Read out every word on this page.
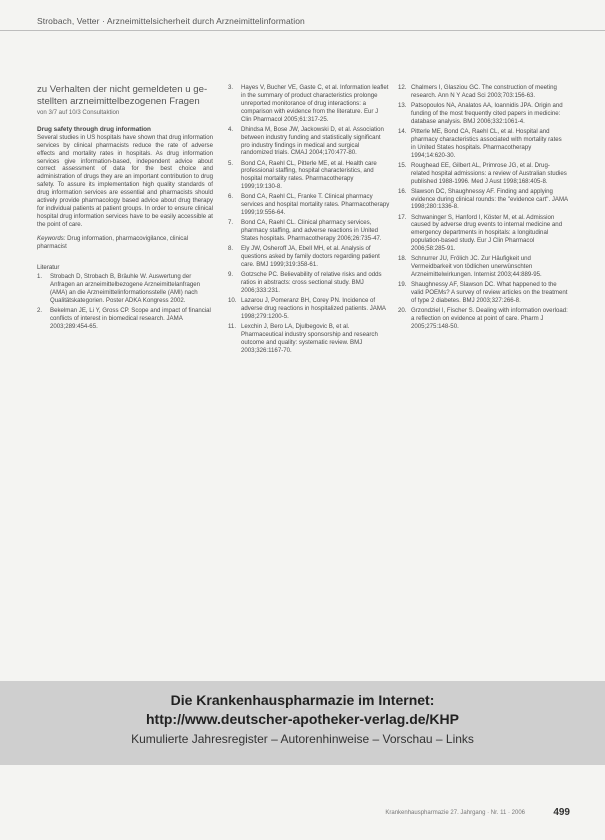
Strobach, Vetter · Arzneimittelsicherheit durch Arzneimittelinformation
zu Verhalten der nicht gemeldeten u ge-stellten arzneimittelbezogenen Fragen
von 3/7 auf 10/3 Consultaktion
Drug safety through drug information
Several studies in US hospitals have shown that drug information services by clinical pharmacists reduce the rate of adverse effects and mortality rates in hospitals. As drug information services give information-based, independent advice about correct assessment of data for the best choice and administration of drugs they are an important contribution to drug safety. To assure its implementation high quality standards of drug information services are essential and pharmacists should actively provide pharmacology based advice about drug therapy for individual patients at patient groups. In order to ensure clinical hospital drug information services have to be easily accessible at the point of care.
Keywords: Drug information, pharmacovigilance, clinical pharmacist
Literatur
1. Strobach D, Strobach B, Bräuhle W. Auswertung der Anfragen an arzneimittelbezogene Arzneimittelanfragen (AMA) an die Arzneimittelinformationsstelle (AMI) nach Qualitätskategorien. Poster ADKA Kongress 2002.
2. Bekelman JE, Li Y, Gross CP. Scope and impact of financial conflicts of interest in biomedical research. JAMA 2003;289:454-65.
3. Hayes V, Bucher VE, Gaste C, et al. Information leaflet in the summary of product characteristics prolonge unreported monitorance of drug interactions: a comparison with evidence from the literature. Eur J Clin Pharmacol 2005;61:317-25.
4. Dhindsa M, Bose JW, Jackowski D, et al. Association between industry funding and statistically significant pro industry findings in medical and surgical randomized trials. CMAJ 2004;170:477-80.
5. Bond CA, Raehl CL, Pitterle ME, et al. Health care professional staffing, hospital characteristics, and hospital mortality rates. Pharmacotherapy 1999;19:130-8.
6. Bond CA, Raehl CL, Franke T. Clinical pharmacy services and hospital mortality rates. Pharmacotherapy 1999;19:556-64.
7. Bond CA, Raehl CL. Clinical pharmacy services, pharmacy staffing, and adverse reactions in United States hospitals. Pharmacotherapy 2006;26:735-47.
8. Ely JW, Osheroff JA, Ebell MH, et al. Analysis of questions asked by family doctors regarding patient care. BMJ 1999;319:358-61.
9. Gotzsche PC. Believability of relative risks and odds ratios in abstracts: cross sectional study. BMJ 2006;333:231.
10. Lazarou J, Pomeranz BH, Corey PN. Incidence of adverse drug reactions in hospitalized patients. JAMA 1998;279:1200-5.
11. Lexchin J, Bero LA, Djulbegovic B, et al. Pharmaceutical industry sponsorship and research outcome and quality: systematic review. BMJ 2003;326:1167-70.
12. Chalmers I, Glasziou GC. The construction of meeting research. Ann N Y Acad Sci 2003;703:156-63.
13. Patsopoulos NA, Analatos AA, Ioannidis JPA. Origin and funding of the most frequently cited papers in medicine: database analysis. BMJ 2006;332:1061-4.
14. Pitterle ME, Bond CA, Raehl CL, et al. Hospital and pharmacy characteristics associated with mortality rates in United States hospitals. Pharmacotherapy 1994;14:620-30.
15. Roughead EE, Gilbert AL, Primrose JG, et al. Drug-related hospital admissions: a review of Australian studies published 1988-1996. Med J Aust 1998;168:405-8.
16. Slawson DC, Shaughnessy AF. Finding and applying evidence during clinical rounds: the "evidence cart". JAMA 1998;280:1336-8.
17. Schwaninger S, Hanford I, Köster M, et al. Admission caused by adverse drug events to internal medicine and emergency departments in hospitals: a longitudinal population-based study. Eur J Clin Pharmacol 2006;58:285-91.
18. Schnurrer JU, Frölich JC. Zur Häufigkeit und Vermeidbarkeit von tödlichen unerwünschten Arzneimittelwirkungen. Internist 2003;44:889-95.
19. Shaughnessy AF, Slawson DC. What happened to the valid POEMs? A survey of review articles on the treatment of type 2 diabetes. BMJ 2003;327:266-8.
20. Grzondziel I, Fischer S. Dealing with information overload: a reflection on evidence at point of care. Pharm J 2005;275:148-50.
Die Krankenhauspharmazie im Internet:
http://www.deutscher-apotheker-verlag.de/KHP
Kumulierte Jahresregister – Autorenhinweise – Vorschau – Links
Krankenhauspharmazie 27. Jahrgang · Nr. 11 · 2006	499
